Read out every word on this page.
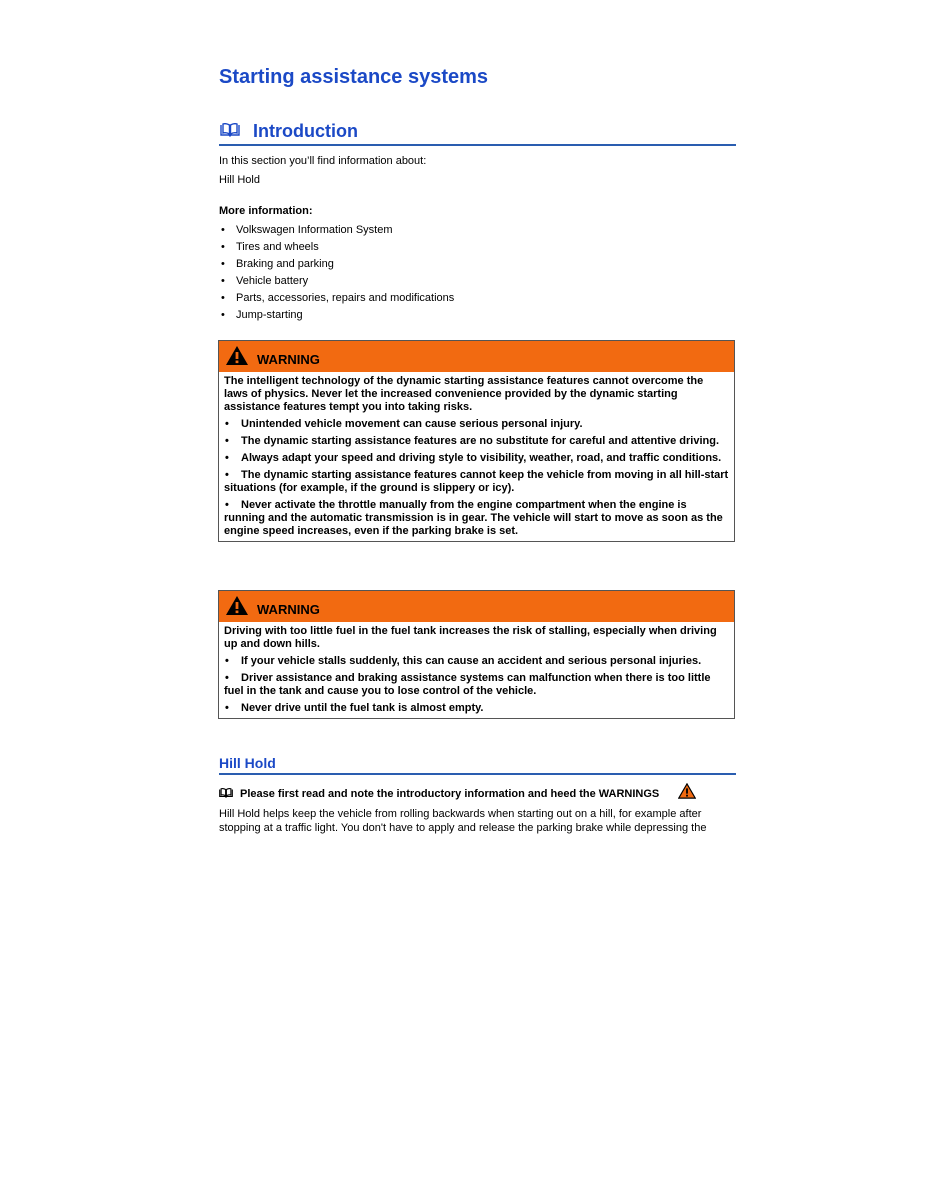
Starting assistance systems
Introduction
In this section you’ll find information about:
Hill Hold
More information:
• Volkswagen Information System
• Tires and wheels
• Braking and parking
• Vehicle battery
• Parts, accessories, repairs and modifications
• Jump-starting
WARNING

The intelligent technology of the dynamic starting assistance features cannot overcome the laws of physics. Never let the increased convenience provided by the dynamic starting assistance features tempt you into taking risks.

• Unintended vehicle movement can cause serious personal injury.

• The dynamic starting assistance features are no substitute for careful and attentive driving.

• Always adapt your speed and driving style to visibility, weather, road, and traffic conditions.

• The dynamic starting assistance features cannot keep the vehicle from moving in all hill-start situations (for example, if the ground is slippery or icy).

• Never activate the throttle manually from the engine compartment when the engine is running and the automatic transmission is in gear. The vehicle will start to move as soon as the engine speed increases, even if the parking brake is set.

WARNING

Driving with too little fuel in the fuel tank increases the risk of stalling, especially when driving up and down hills.

• If your vehicle stalls suddenly, this can cause an accident and serious personal injuries.

• Driver assistance and braking assistance systems can malfunction when there is too little fuel in the tank and cause you to lose control of the vehicle.

• Never drive until the fuel tank is almost empty.

Hill Hold
Please first read and note the introductory information and heed the WARNINGS
Hill Hold helps keep the vehicle from rolling backwards when starting out on a hill, for example after stopping at a traffic light. You don't have to apply and release the parking brake while depressing the
